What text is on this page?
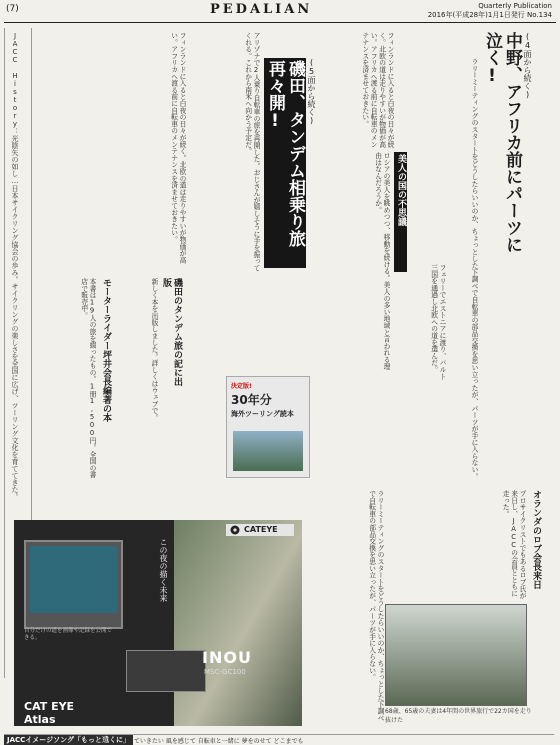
(7)	PEDALIAN	Quarterly Publication
2016年(平成28年)1月1日発行 No.134
JACC History：光陰矢の如し…日本サイクリング協会の歩み。サイクリングの楽しさを全国に広げ、ツーリング文化を育ててきた。	(4面から続く)
中野、アフリカ前にパーツに泣く!
ラリーミーティングのスタートをどうしたらいいのか、ちょっとした下調べで自転車の部品交換を思い立ったが、パーツが手に入らない。
フェリーでエストニアに渡り、バルト三国を通過し北欧への道を選んだ。
美人の国の不思議
ロシアの美人を眺めつつ、移動を続ける。美人の多い地域と言われる理由はなんだろうか。
フィンランドに入ると白夜の日々が続く。北欧の道は走りやすいが物価が高い。アフリカへ渡る前に自転車のメンテナンスを済ませておきたい。
(5面から続く)
磯田、タンデム相乗り旅再々開!
アリゾナで2人乗り自転車の旅を再開した。おじさんが嬉しそうに手を振ってくれる。これから南米へ向かう予定だ。
磯田のタンデム旅の記に出版
新しく本を出版しました。詳しくはウェブで。
モーターライダー坪井会長編著の本
本書は19人の旅を綴ったもの。1冊1,500円。全国の書店で販売中。
フィンランドに入ると白夜の日々が続く。北欧の道は走りやすいが物価が高い。アフリカへ渡る前に自転車のメンテナンスを済ませておきたい。
決定版!
30年分
海外ツーリング読本
オランダのロブ会長来日
プロサイクリストでもあるロブ氏が来日し、JACCの会員とともに走った。
ラリーミーティングのスタートをどうしたらいいのか、ちょっとした下調べで自転車の部品交換を思い立ったが、パーツが手に入らない。
68歳、65歳の夫妻は4年間の世界旅行で22カ国を走り抜けた
この夜の描く未来
CATEYE
INOU
MSC-GC100
CAT EYE Atlas
自分だけの道を画像や記録を公開できる。
JACCイメージソング「もっと遠くに」
もっと遠くに 走っていきたい 風を感じて 自転車と一緒に 夢をのせて どこまでも
